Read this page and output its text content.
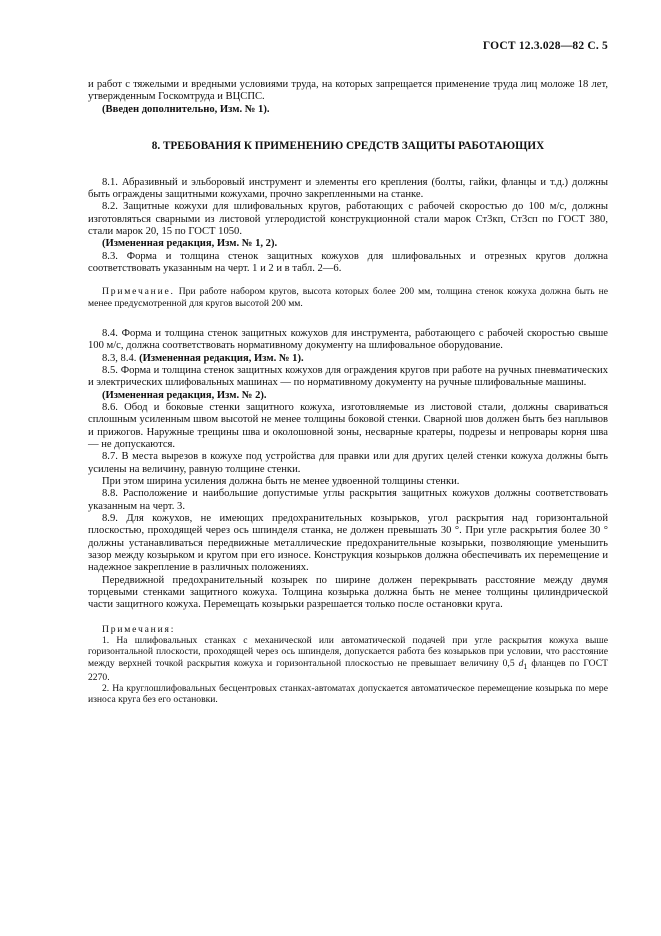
ГОСТ 12.3.028—82 С. 5

и работ с тяжелыми и вредными условиями труда, на которых запрещается применение труда лиц моложе 18 лет, утвержденным Госкомтруда и ВЦСПС.

(Введен дополнительно, Изм. № 1).

8. ТРЕБОВАНИЯ К ПРИМЕНЕНИЮ СРЕДСТВ ЗАЩИТЫ РАБОТАЮЩИХ

8.1. Абразивный и эльборовый инструмент и элементы его крепления (болты, гайки, фланцы и т.д.) должны быть ограждены защитными кожухами, прочно закрепленными на станке.

8.2. Защитные кожухи для шлифовальных кругов, работающих с рабочей скоростью до 100 м/с, должны изготовляться сварными из листовой углеродистой конструкционной стали марок Ст3кп, Ст3сп по ГОСТ 380, стали марок 20, 15 по ГОСТ 1050.

(Измененная редакция, Изм. № 1, 2).

8.3. Форма и толщина стенок защитных кожухов для шлифовальных и отрезных кругов должна соответствовать указанным на черт. 1 и 2 и в табл. 2—6.

Примечание. При работе набором кругов, высота которых более 200 мм, толщина стенок кожуха должна быть не менее предусмотренной для кругов высотой 200 мм.

8.4. Форма и толщина стенок защитных кожухов для инструмента, работающего с рабочей скоростью свыше 100 м/с, должна соответствовать нормативному документу на шлифовальное оборудование.

8.3, 8.4. (Измененная редакция, Изм. № 1).

8.5. Форма и толщина стенок защитных кожухов для ограждения кругов при работе на ручных пневматических и электрических шлифовальных машинах — по нормативному документу на ручные шлифовальные машины.

(Измененная редакция, Изм. № 2).

8.6. Обод и боковые стенки защитного кожуха, изготовляемые из листовой стали, должны свариваться сплошным усиленным швом высотой не менее толщины боковой стенки. Сварной шов должен быть без наплывов и прижогов. Наружные трещины шва и околошовной зоны, несварные кратеры, подрезы и непровары корня шва — не допускаются.

8.7. В места вырезов в кожухе под устройства для правки или для других целей стенки кожуха должны быть усилены на величину, равную толщине стенки.

При этом ширина усиления должна быть не менее удвоенной толщины стенки.

8.8. Расположение и наибольшие допустимые углы раскрытия защитных кожухов должны соответствовать указанным на черт. 3.

8.9. Для кожухов, не имеющих предохранительных козырьков, угол раскрытия над горизонтальной плоскостью, проходящей через ось шпинделя станка, не должен превышать 30 °. При угле раскрытия более 30 ° должны устанавливаться передвижные металлические предохранительные козырьки, позволяющие уменьшить зазор между козырьком и кругом при его износе. Конструкция козырьков должна обеспечивать их перемещение и надежное закрепление в различных положениях.

Передвижной предохранительный козырек по ширине должен перекрывать расстояние между двумя торцевыми стенками защитного кожуха. Толщина козырька должна быть не менее толщины цилиндрической части защитного кожуха. Перемещать козырьки разрешается только после остановки круга.

Примечания:

1. На шлифовальных станках с механической или автоматической подачей при угле раскрытия кожуха выше горизонтальной плоскости, проходящей через ось шпинделя, допускается работа без козырьков при условии, что расстояние между верхней точкой раскрытия кожуха и горизонтальной плоскостью не превышает величину 0,5 $d_1$ фланцев по ГОСТ 2270.

2. На круглошлифовальных бесцентровых станках-автоматах допускается автоматическое перемещение козырька по мере износа круга без его остановки.
